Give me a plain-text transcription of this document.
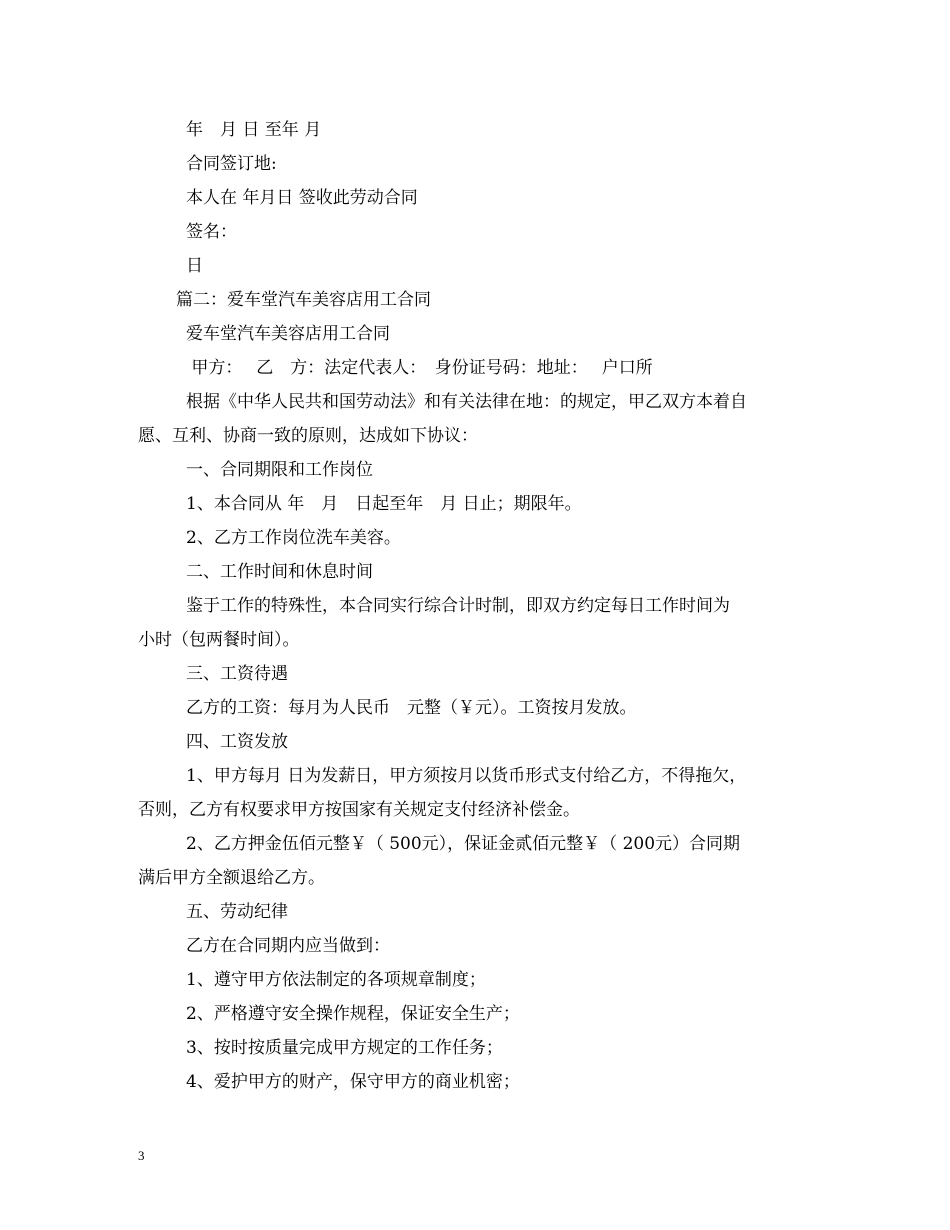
年　月 日 至年 月
合同签订地:
本人在 年月日 签收此劳动合同
签名：
日
篇二：爱车堂汽车美容店用工合同
爱车堂汽车美容店用工合同
甲方：　 乙　方：法定代表人：　身份证号码：地址：　 户口所
根据《中华人民共和国劳动法》和有关法律在地：的规定，甲乙双方本着自
愿、互利、协商一致的原则，达成如下协议：
一、合同期限和工作岗位
1、本合同从 年　月　日起至年　月 日止；期限年。
2、乙方工作岗位洗车美容。
二、工作时间和休息时间
鉴于工作的特殊性，本合同实行综合计时制，即双方约定每日工作时间为
小时（包两餐时间）。
三、工资待遇
乙方的工资：每月为人民币　元整（￥元）。工资按月发放。
四、工资发放
1、甲方每月 日为发薪日，甲方须按月以货币形式支付给乙方，不得拖欠，
否则，乙方有权要求甲方按国家有关规定支付经济补偿金。
2、乙方押金伍佰元整￥（ 500元），保证金贰佰元整￥（ 200元）合同期
满后甲方全额退给乙方。
五、劳动纪律
乙方在合同期内应当做到：
1、遵守甲方依法制定的各项规章制度；
2、严格遵守安全操作规程，保证安全生产；
3、按时按质量完成甲方规定的工作任务；
4、爱护甲方的财产，保守甲方的商业机密；
3
